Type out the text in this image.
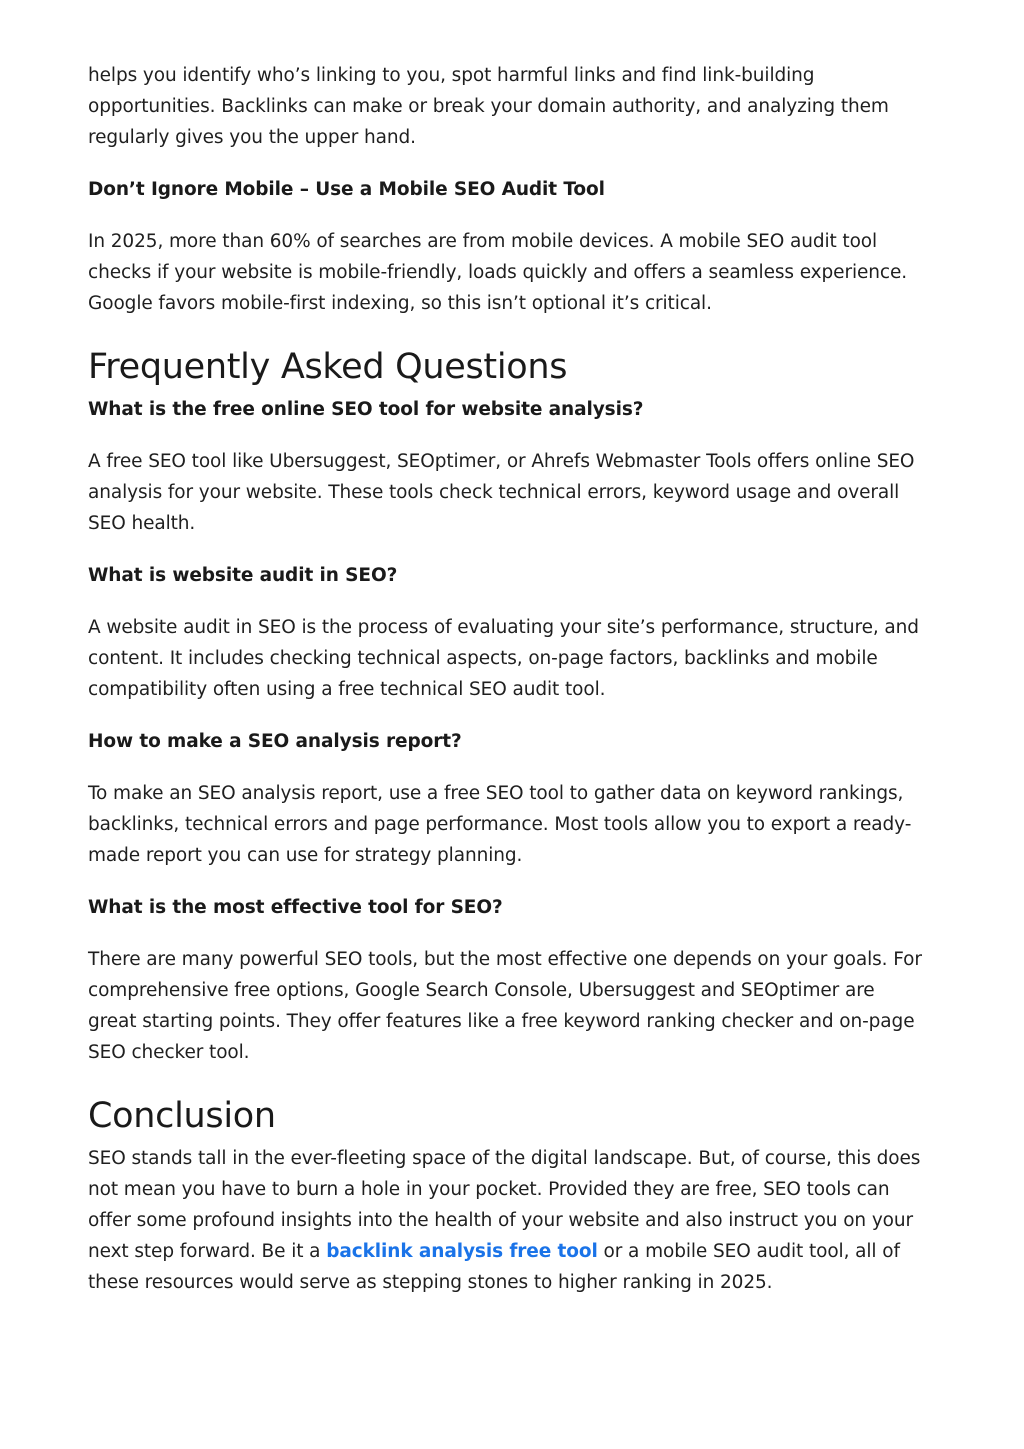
helps you identify who’s linking to you, spot harmful links and find link-building opportunities. Backlinks can make or break your domain authority, and analyzing them regularly gives you the upper hand.

Don’t Ignore Mobile – Use a Mobile SEO Audit Tool

In 2025, more than 60% of searches are from mobile devices. A mobile SEO audit tool checks if your website is mobile-friendly, loads quickly and offers a seamless experience. Google favors mobile-first indexing, so this isn’t optional it’s critical.

Frequently Asked Questions

What is the free online SEO tool for website analysis?

A free SEO tool like Ubersuggest, SEOptimer, or Ahrefs Webmaster Tools offers online SEO analysis for your website. These tools check technical errors, keyword usage and overall SEO health.

What is website audit in SEO?

A website audit in SEO is the process of evaluating your site’s performance, structure, and content. It includes checking technical aspects, on-page factors, backlinks and mobile compatibility often using a free technical SEO audit tool.

How to make a SEO analysis report?

To make an SEO analysis report, use a free SEO tool to gather data on keyword rankings, backlinks, technical errors and page performance. Most tools allow you to export a ready-made report you can use for strategy planning.

What is the most effective tool for SEO?

There are many powerful SEO tools, but the most effective one depends on your goals. For comprehensive free options, Google Search Console, Ubersuggest and SEOptimer are great starting points. They offer features like a free keyword ranking checker and on-page SEO checker tool.

Conclusion

SEO stands tall in the ever-fleeting space of the digital landscape. But, of course, this does not mean you have to burn a hole in your pocket. Provided they are free, SEO tools can offer some profound insights into the health of your website and also instruct you on your next step forward. Be it a backlink analysis free tool or a mobile SEO audit tool, all of these resources would serve as stepping stones to higher ranking in 2025.
